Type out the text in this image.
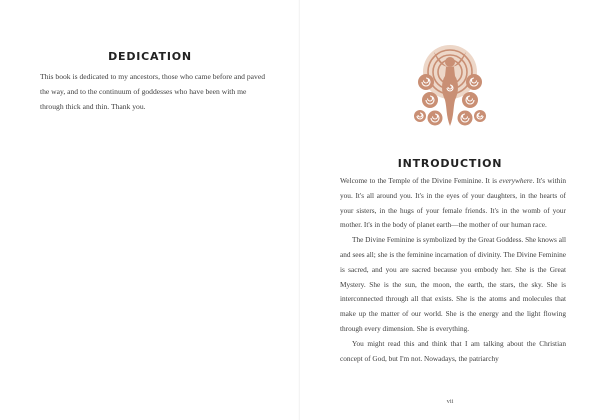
DEDICATION

This book is dedicated to my ancestors, those who came before and paved the way, and to the continuum of goddesses who have been with me through thick and thin. Thank you.

INTRODUCTION

Welcome to the Temple of the Divine Feminine. It is everywhere. It's within you. It's all around you. It's in the eyes of your daughters, in the hearts of your sisters, in the hugs of your female friends. It's in the womb of your mother. It's in the body of planet earth—the mother of our human race.

The Divine Feminine is symbolized by the Great Goddess. She knows all and sees all; she is the feminine incarnation of divinity. The Divine Feminine is sacred, and you are sacred because you embody her. She is the Great Mystery. She is the sun, the moon, the earth, the stars, the sky. She is interconnected through all that exists. She is the atoms and molecules that make up the matter of our world. She is the energy and the light flowing through every dimension. She is everything.

You might read this and think that I am talking about the Christian concept of God, but I'm not. Nowadays, the patriarchy

vii
